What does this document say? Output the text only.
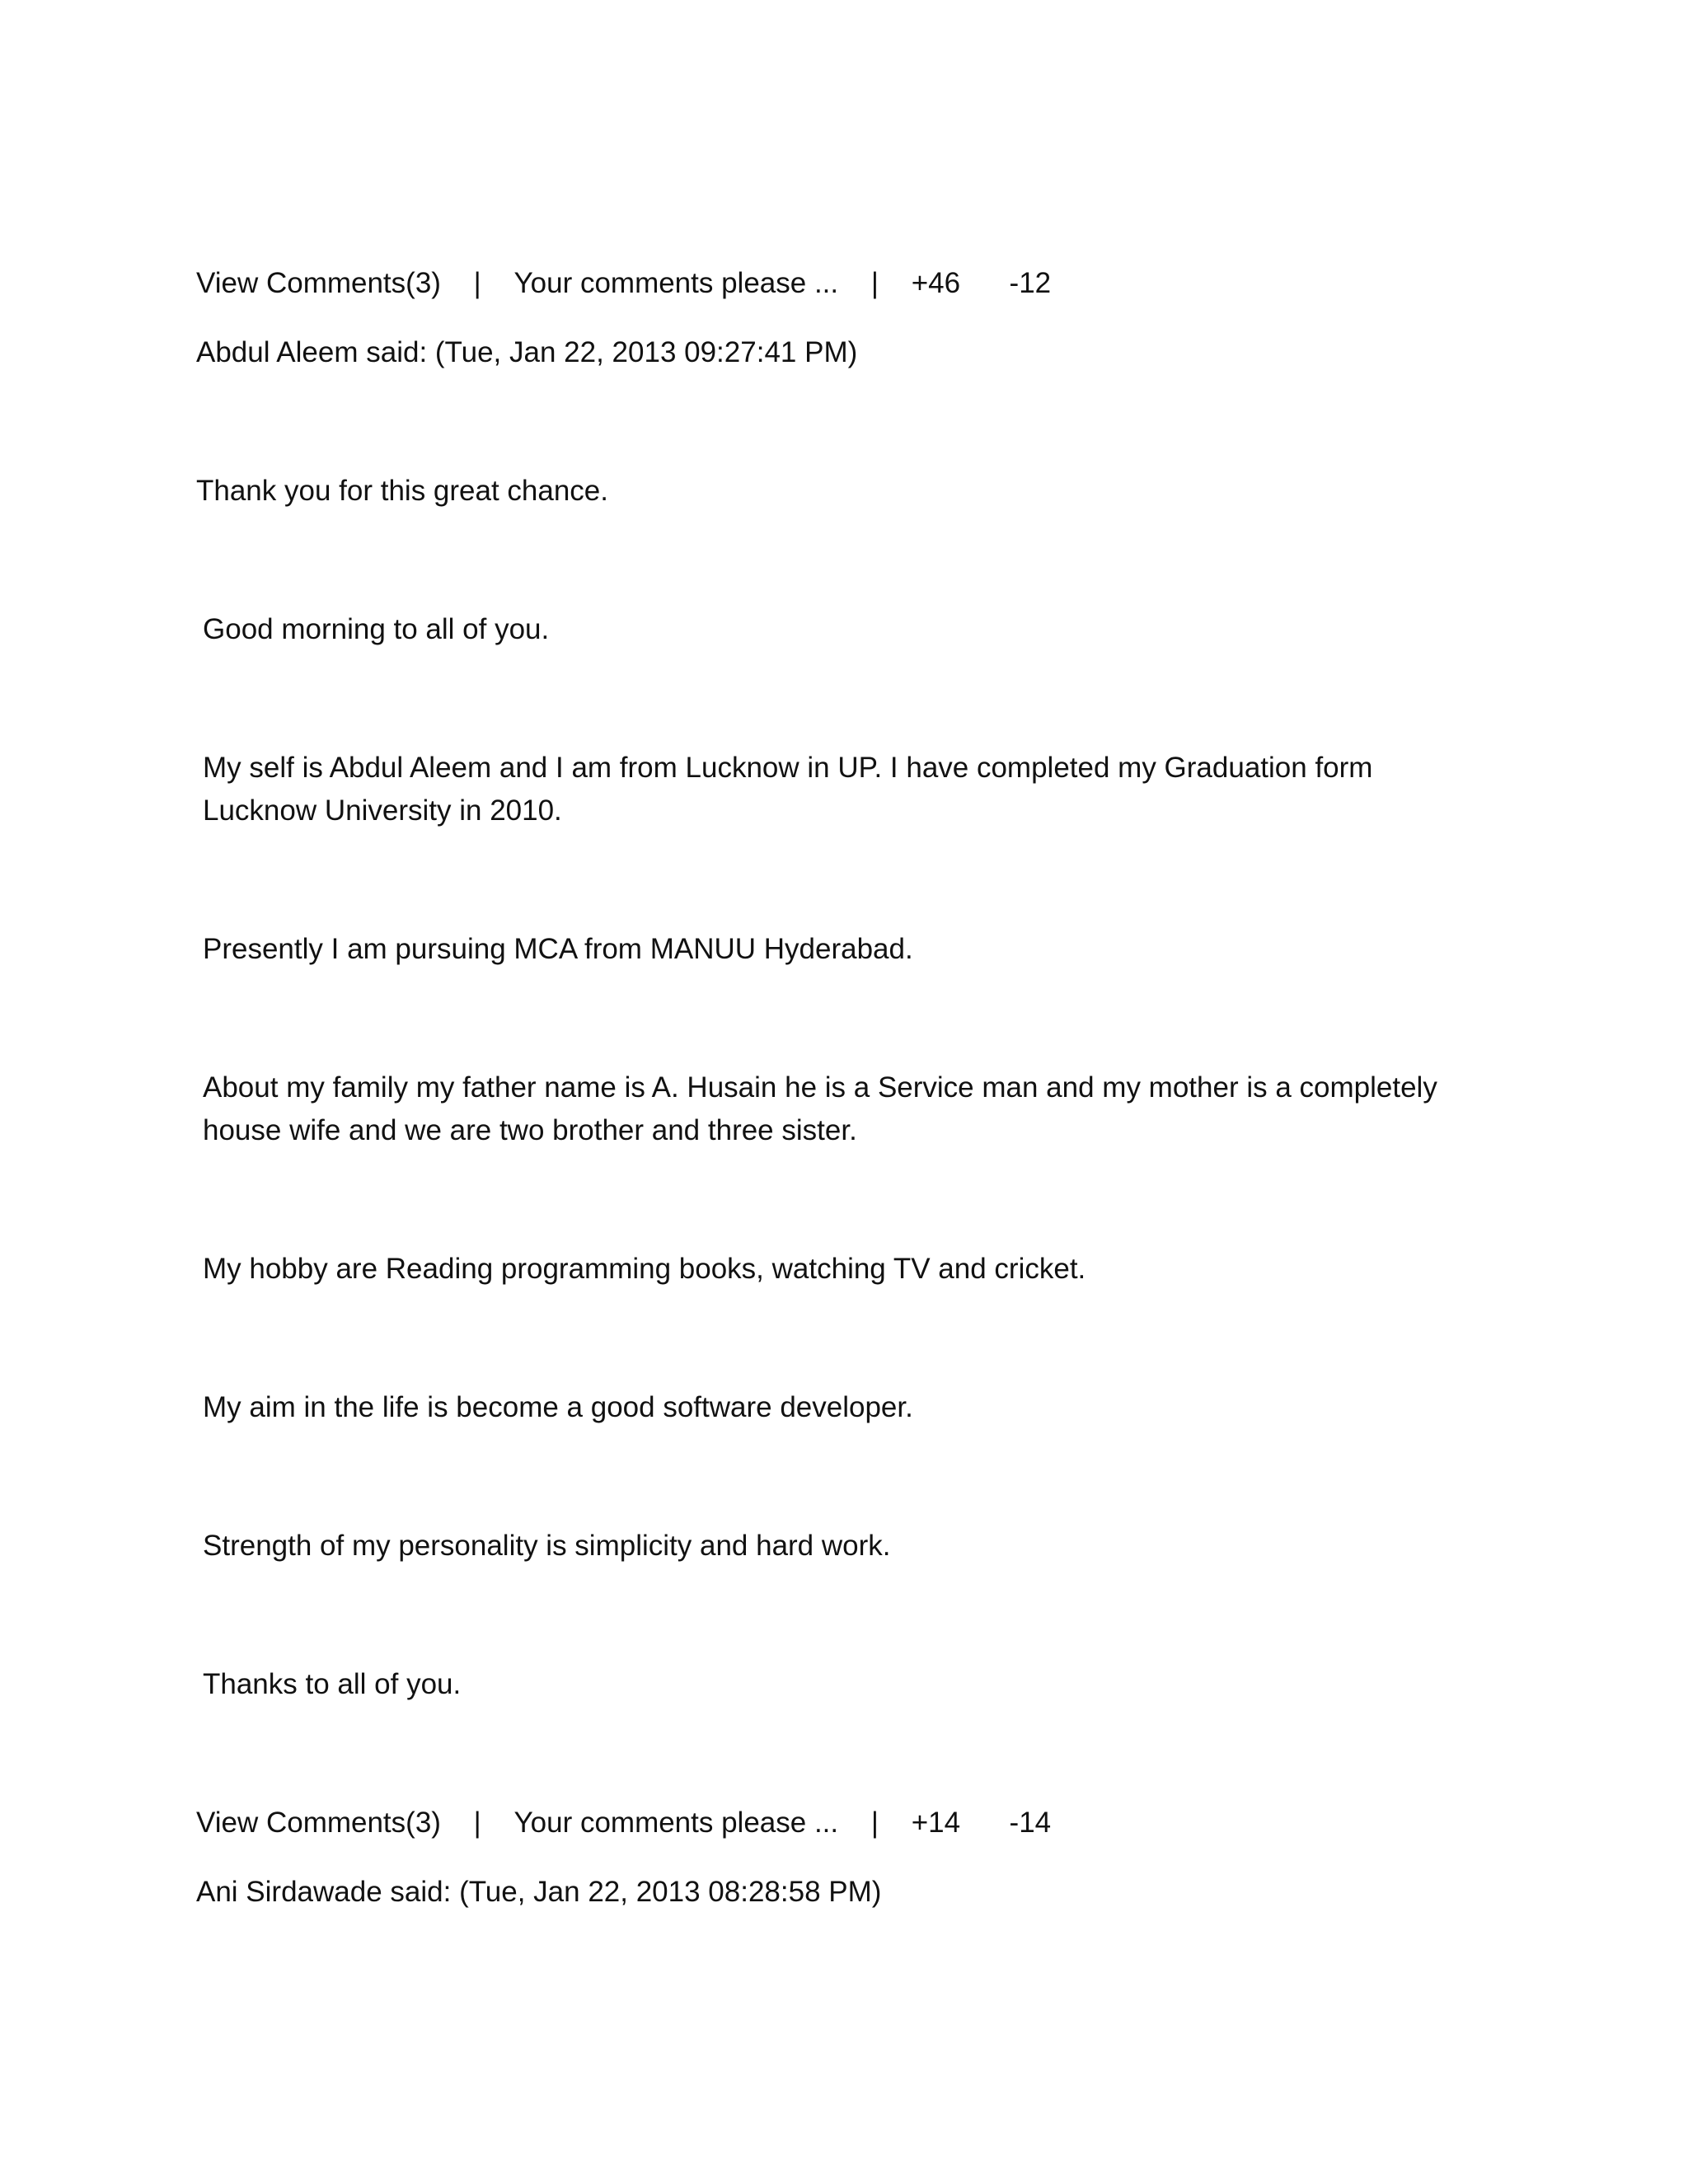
View Comments(3) | Your comments please ... | +46 -12
Abdul Aleem said: (Tue, Jan 22, 2013 09:27:41 PM)
Thank you for this great chance.
Good morning to all of you.
My self is Abdul Aleem and I am from Lucknow in UP. I have completed my Graduation form Lucknow University in 2010.
Presently I am pursuing MCA from MANUU Hyderabad.
About my family my father name is A. Husain he is a Service man and my mother is a completely house wife and we are two brother and three sister.
My hobby are Reading programming books, watching TV and cricket.
My aim in the life is become a good software developer.
Strength of my personality is simplicity and hard work.
Thanks to all of you.
View Comments(3) | Your comments please ... | +14 -14
Ani Sirdawade said: (Tue, Jan 22, 2013 08:28:58 PM)
